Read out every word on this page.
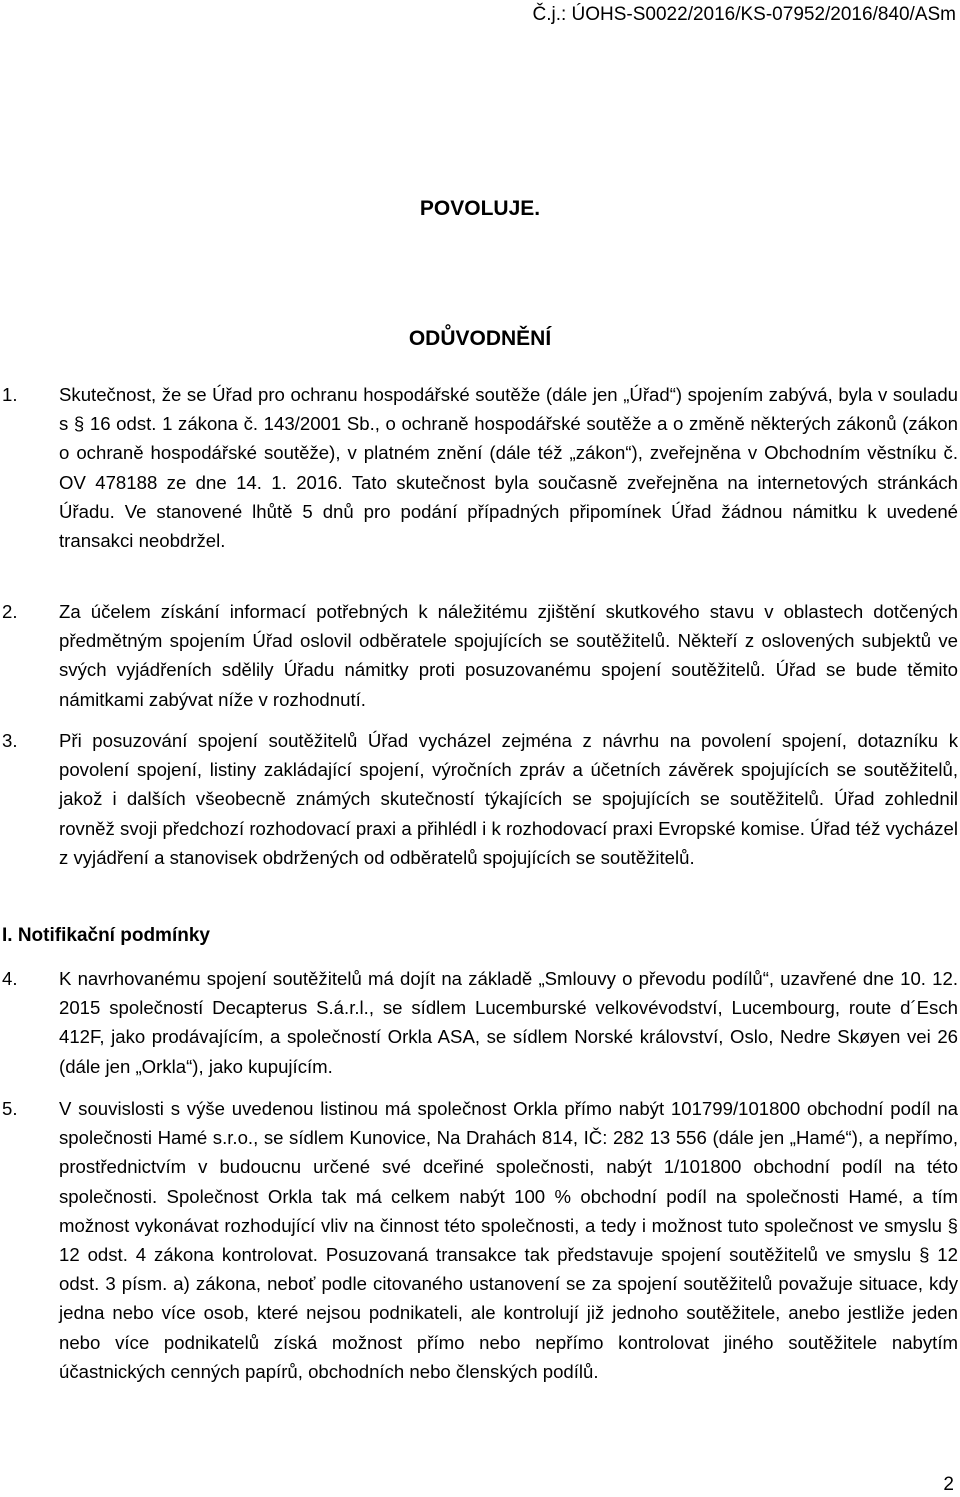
Č.j.: ÚOHS-S0022/2016/KS-07952/2016/840/ASm
POVOLUJE.
ODŮVODNĚNÍ
1. Skutečnost, že se Úřad pro ochranu hospodářské soutěže (dále jen „Úřad“) spojením zabývá, byla v souladu s § 16 odst. 1 zákona č. 143/2001 Sb., o ochraně hospodářské soutěže a o změně některých zákonů (zákon o ochraně hospodářské soutěže), v platném znění (dále též „zákon“), zveřejněna v Obchodním věstníku č. OV 478188 ze dne 14. 1. 2016. Tato skutečnost byla současně zveřejněna na internetových stránkách Úřadu. Ve stanovené lhůtě 5 dnů pro podání případných připomínek Úřad žádnou námitku k uvedené transakci neobdržel.
2. Za účelem získání informací potřebných k náležitému zjištění skutkového stavu v oblastech dotčených předmětným spojením Úřad oslovil odběratele spojujících se soutěžitelů. Někteří z oslovených subjektů ve svých vyjádřeních sdělily Úřadu námitky proti posuzovanému spojení soutěžitelů. Úřad se bude těmito námitkami zabývat níže v rozhodnutí.
3. Při posuzování spojení soutěžitelů Úřad vycházel zejména z návrhu na povolení spojení, dotazníku k povolení spojení, listiny zakládající spojení, výročních zpráv a účetních závěrek spojujících se soutěžitelů, jakož i dalších všeobecně známých skutečností týkajících se spojujících se soutěžitelů. Úřad zohlednil rovněž svoji předchozí rozhodovací praxi a přihlédl i k rozhodovací praxi Evropské komise. Úřad též vycházel z vyjádření a stanovisek obdržených od odběratelů spojujících se soutěžitelů.
I. Notifikační podmínky
4. K navrhovanému spojení soutěžitelů má dojít na základě „Smlouvy o převodu podílů“, uzavřené dne 10. 12. 2015 společností Decapterus S.á.r.l., se sídlem Lucemburské velkovévodství, Lucembourg, route d´Esch 412F, jako prodávajícím, a společností Orkla ASA, se sídlem Norské království, Oslo, Nedre Skøyen vei 26 (dále jen „Orkla“), jako kupujícím.
5. V souvislosti s výše uvedenou listinou má společnost Orkla přímo nabýt 101799/101800 obchodní podíl na společnosti Hamé s.r.o., se sídlem Kunovice, Na Drahách 814, IČ: 282 13 556 (dále jen „Hamé“), a nepřímo, prostřednictvím v budoucnu určené své dceřiné společnosti, nabýt 1/101800 obchodní podíl na této společnosti. Společnost Orkla tak má celkem nabýt 100 % obchodní podíl na společnosti Hamé, a tím možnost vykonávat rozhodující vliv na činnost této společnosti, a tedy i možnost tuto společnost ve smyslu § 12 odst. 4 zákona kontrolovat. Posuzovaná transakce tak představuje spojení soutěžitelů ve smyslu § 12 odst. 3 písm. a) zákona, neboť podle citovaného ustanovení se za spojení soutěžitelů považuje situace, kdy jedna nebo více osob, které nejsou podnikateli, ale kontrolují již jednoho soutěžitele, anebo jestliže jeden nebo více podnikatelů získá možnost přímo nebo nepřímo kontrolovat jiného soutěžitele nabytím účastnických cenných papírů, obchodních nebo členských podílů.
2
